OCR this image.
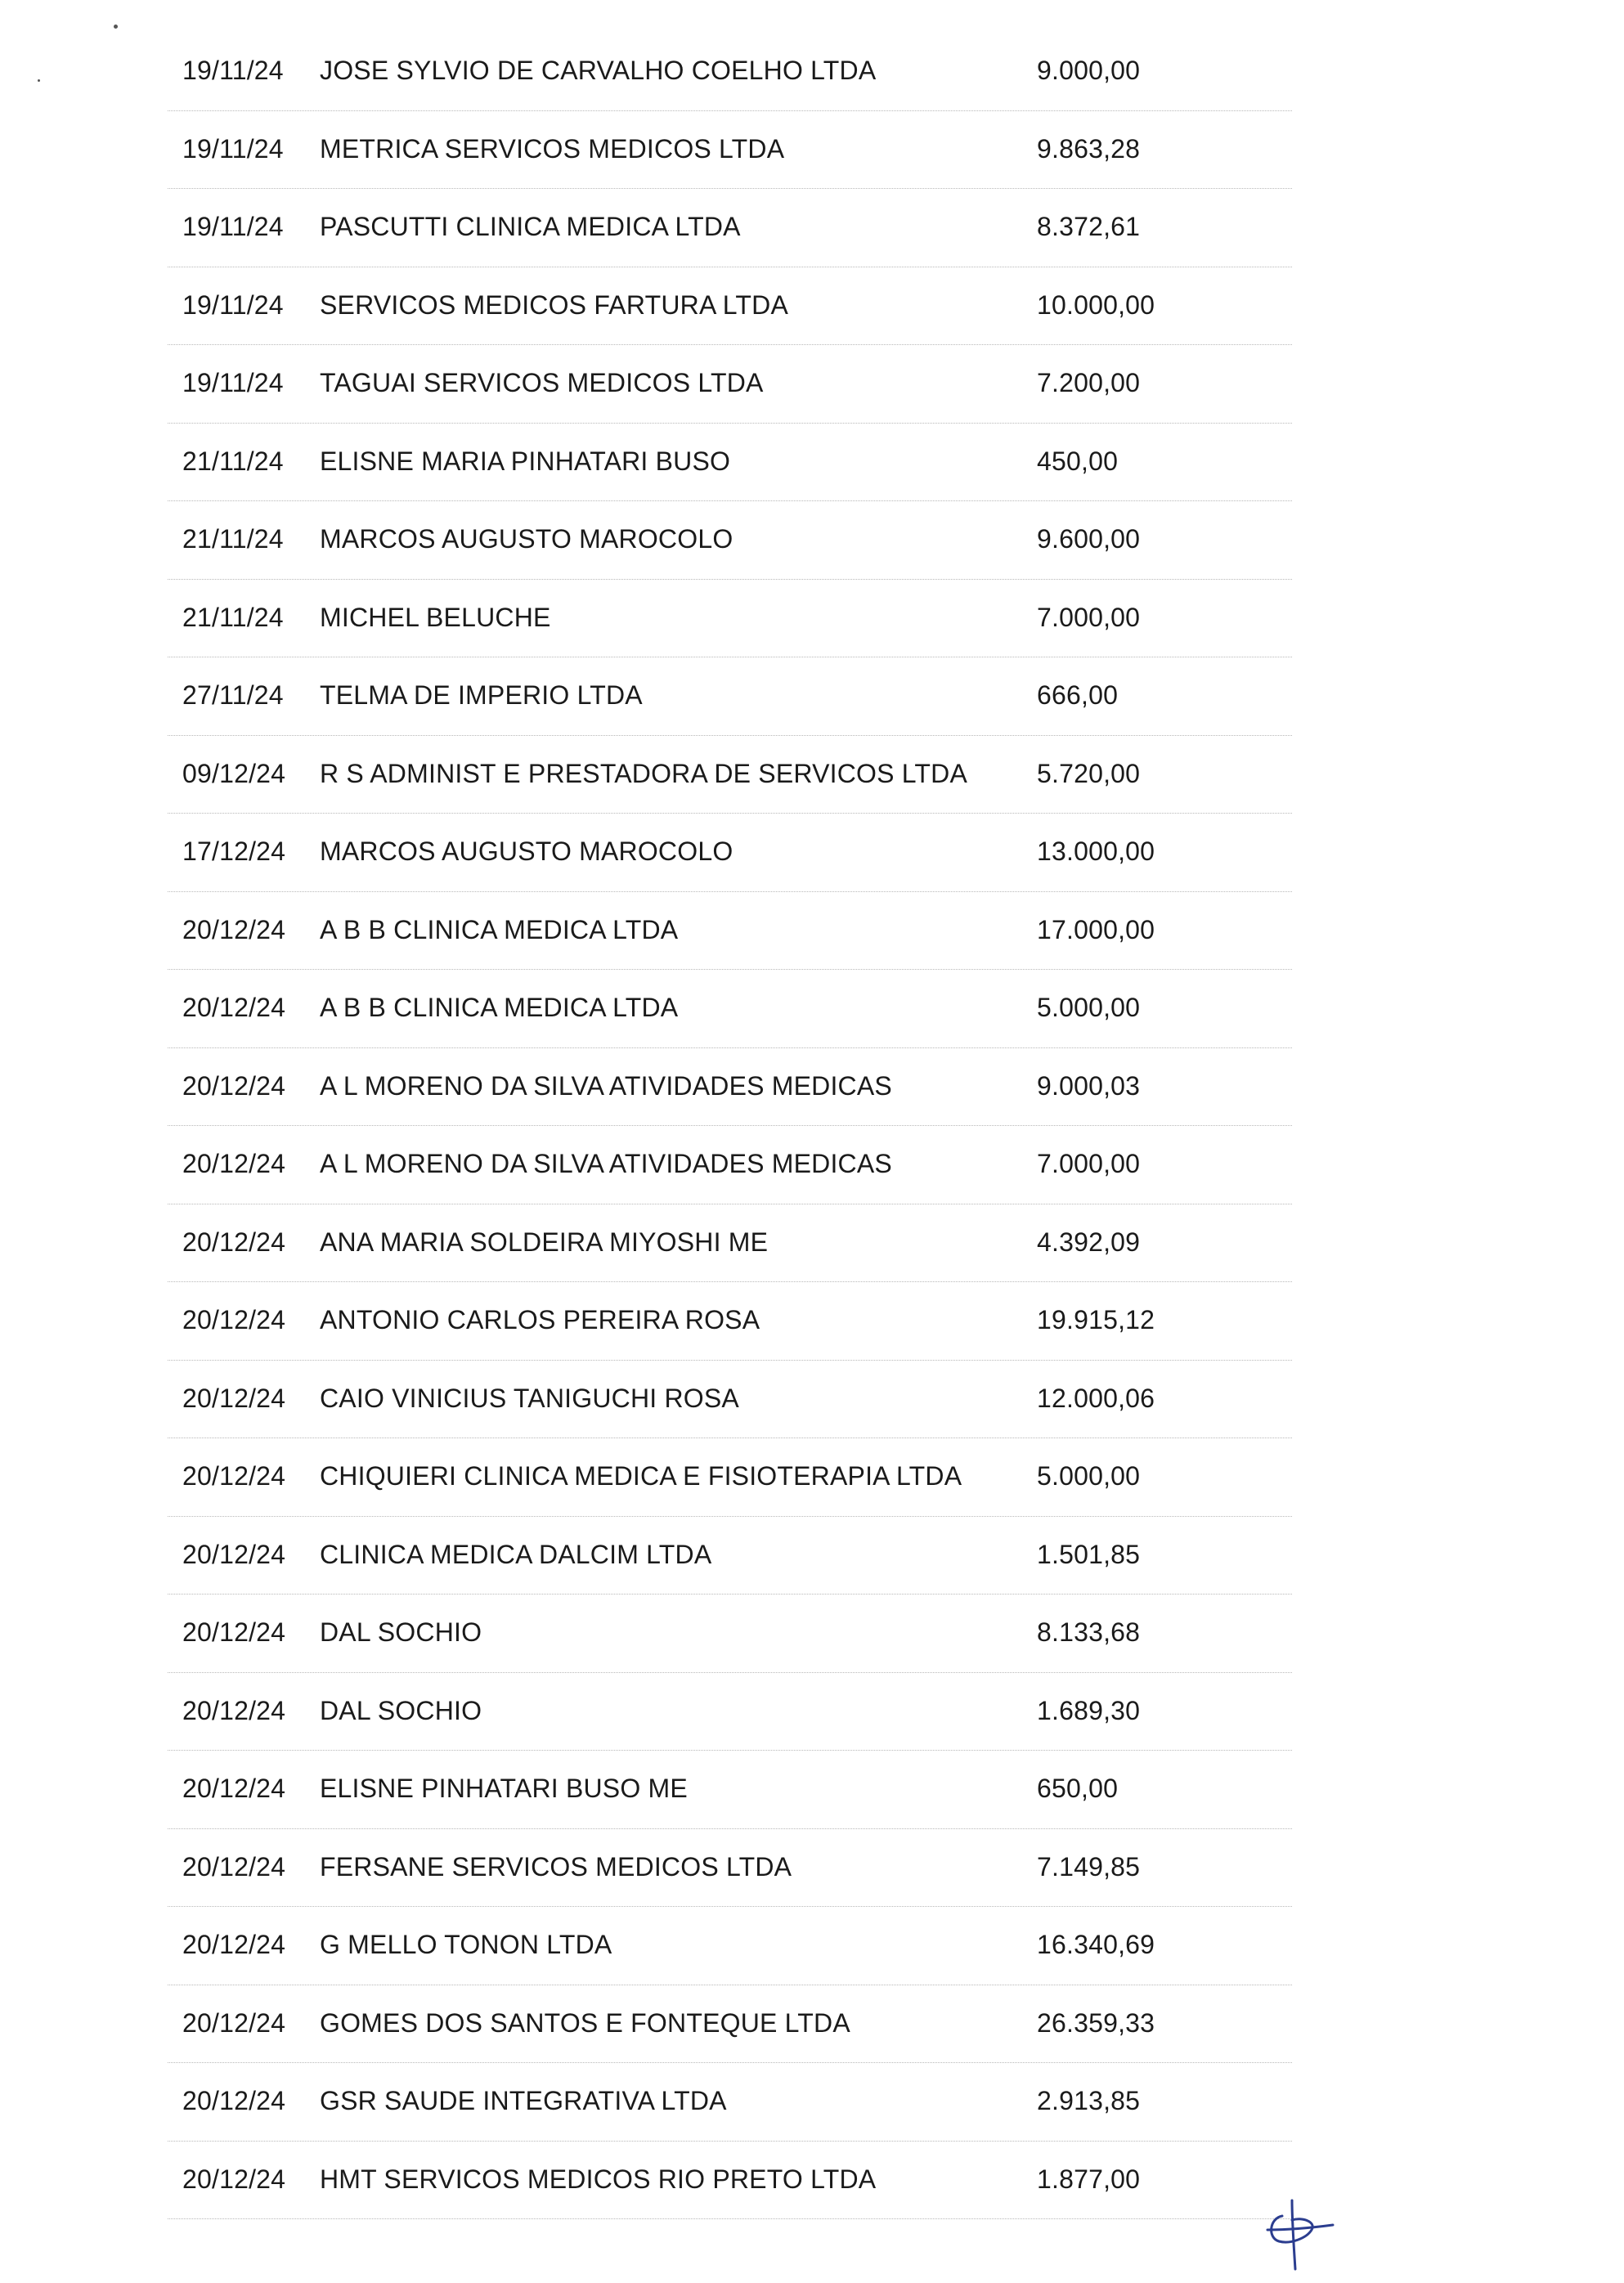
19/11/24 JOSE SYLVIO DE CARVALHO COELHO LTDA	9.000,00
19/11/24 METRICA SERVICOS MEDICOS LTDA	9.863,28
19/11/24 PASCUTTI CLINICA MEDICA LTDA	8.372,61
19/11/24 SERVICOS MEDICOS FARTURA LTDA	10.000,00
19/11/24 TAGUAI SERVICOS MEDICOS LTDA	7.200,00
21/11/24 ELISNE MARIA PINHATARI BUSO	450,00
21/11/24 MARCOS AUGUSTO MAROCOLO	9.600,00
21/11/24 MICHEL BELUCHE	7.000,00
27/11/24 TELMA DE IMPERIO LTDA	666,00
09/12/24 R S ADMINIST E PRESTADORA DE SERVICOS LTDA	5.720,00
17/12/24 MARCOS AUGUSTO MAROCOLO	13.000,00
20/12/24 A B B CLINICA MEDICA LTDA	17.000,00
20/12/24 A B B CLINICA MEDICA LTDA	5.000,00
20/12/24 A L MORENO DA SILVA ATIVIDADES MEDICAS	9.000,03
20/12/24 A L MORENO DA SILVA ATIVIDADES MEDICAS	7.000,00
20/12/24 ANA MARIA SOLDEIRA MIYOSHI ME	4.392,09
20/12/24 ANTONIO CARLOS PEREIRA ROSA	19.915,12
20/12/24 CAIO VINICIUS TANIGUCHI ROSA	12.000,06
20/12/24 CHIQUIERI CLINICA MEDICA E FISIOTERAPIA LTDA	5.000,00
20/12/24 CLINICA MEDICA DALCIM LTDA	1.501,85
20/12/24 DAL SOCHIO	8.133,68
20/12/24 DAL SOCHIO	1.689,30
20/12/24 ELISNE PINHATARI BUSO ME	650,00
20/12/24 FERSANE SERVICOS MEDICOS LTDA	7.149,85
20/12/24 G MELLO TONON LTDA	16.340,69
20/12/24 GOMES DOS SANTOS E FONTEQUE LTDA	26.359,33
20/12/24 GSR SAUDE INTEGRATIVA LTDA	2.913,85
20/12/24 HMT SERVICOS MEDICOS RIO PRETO LTDA	1.877,00
